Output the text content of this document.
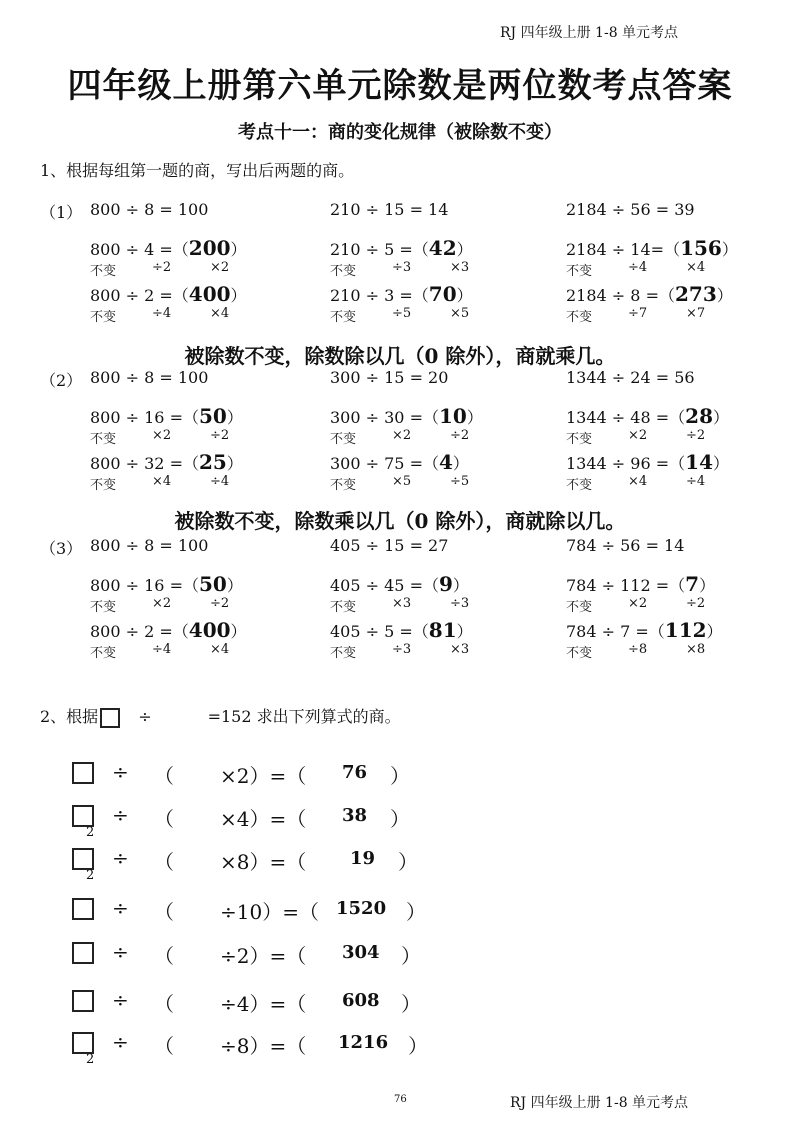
RJ 四年级上册 1-8 单元考点
四年级上册第六单元除数是两位数考点答案
考点十一：商的变化规律（被除数不变）
1、根据每组第一题的商，写出后两题的商。
（1） 800 ÷ 8 = 100
800 ÷ 4 =（200）
不变	÷2	×2
800 ÷ 2 =（400）
不变	÷4	×4
210 ÷ 15 = 14
210 ÷ 5 =（42）
不变	÷3	×3
210 ÷ 3 =（70）
不变	÷5	×5
2184 ÷ 56 = 39
2184 ÷ 14=（156）
不变	÷4	×4
2184 ÷ 8 =（273）
不变	÷7	×7
（2） 800 ÷ 8 = 100
800 ÷ 16 =（50）
不变	×2	÷2
800 ÷ 32 =（25）
不变	×4	÷4
300 ÷ 15 = 20
300 ÷ 30 =（10）
不变	×2	÷2
300 ÷ 75 =（4）
不变	×5	÷5
1344 ÷ 24 = 56
1344 ÷ 48 =（28）
不变	×2	÷2
1344 ÷ 96 =（14）
不变	×4	÷4
（3） 800 ÷ 8 = 100
800 ÷ 16 =（50）
不变	×2	÷2
800 ÷ 2 =（400）
不变	÷4	×4
405 ÷ 15 = 27
405 ÷ 45 =（9）
不变	×3	÷3
405 ÷ 5 =（81）
不变	÷3	×3
784 ÷ 56 = 14
784 ÷ 112 =（7）
不变	×2	÷2
784 ÷ 7 =（112）
不变	÷8	×8
被除数不变，除数除以几（0 除外），商就乘几。
被除数不变，除数乘以几（0 除外），商就除以几。
2、根据	÷	=152 求出下列算式的商。
÷ （ ×2）=（ 76 ）
÷ （ ×4）=（ 38 ）
2
÷ （ ×8）=（ 19 ）
2
÷ （ ÷10）=（ 1520 ）
÷ （ ÷2）=（ 304 ）
÷ （ ÷4）=（ 608 ）
÷ （ ÷8）=（ 1216 ）
2
76	RJ 四年级上册 1-8 单元考点
